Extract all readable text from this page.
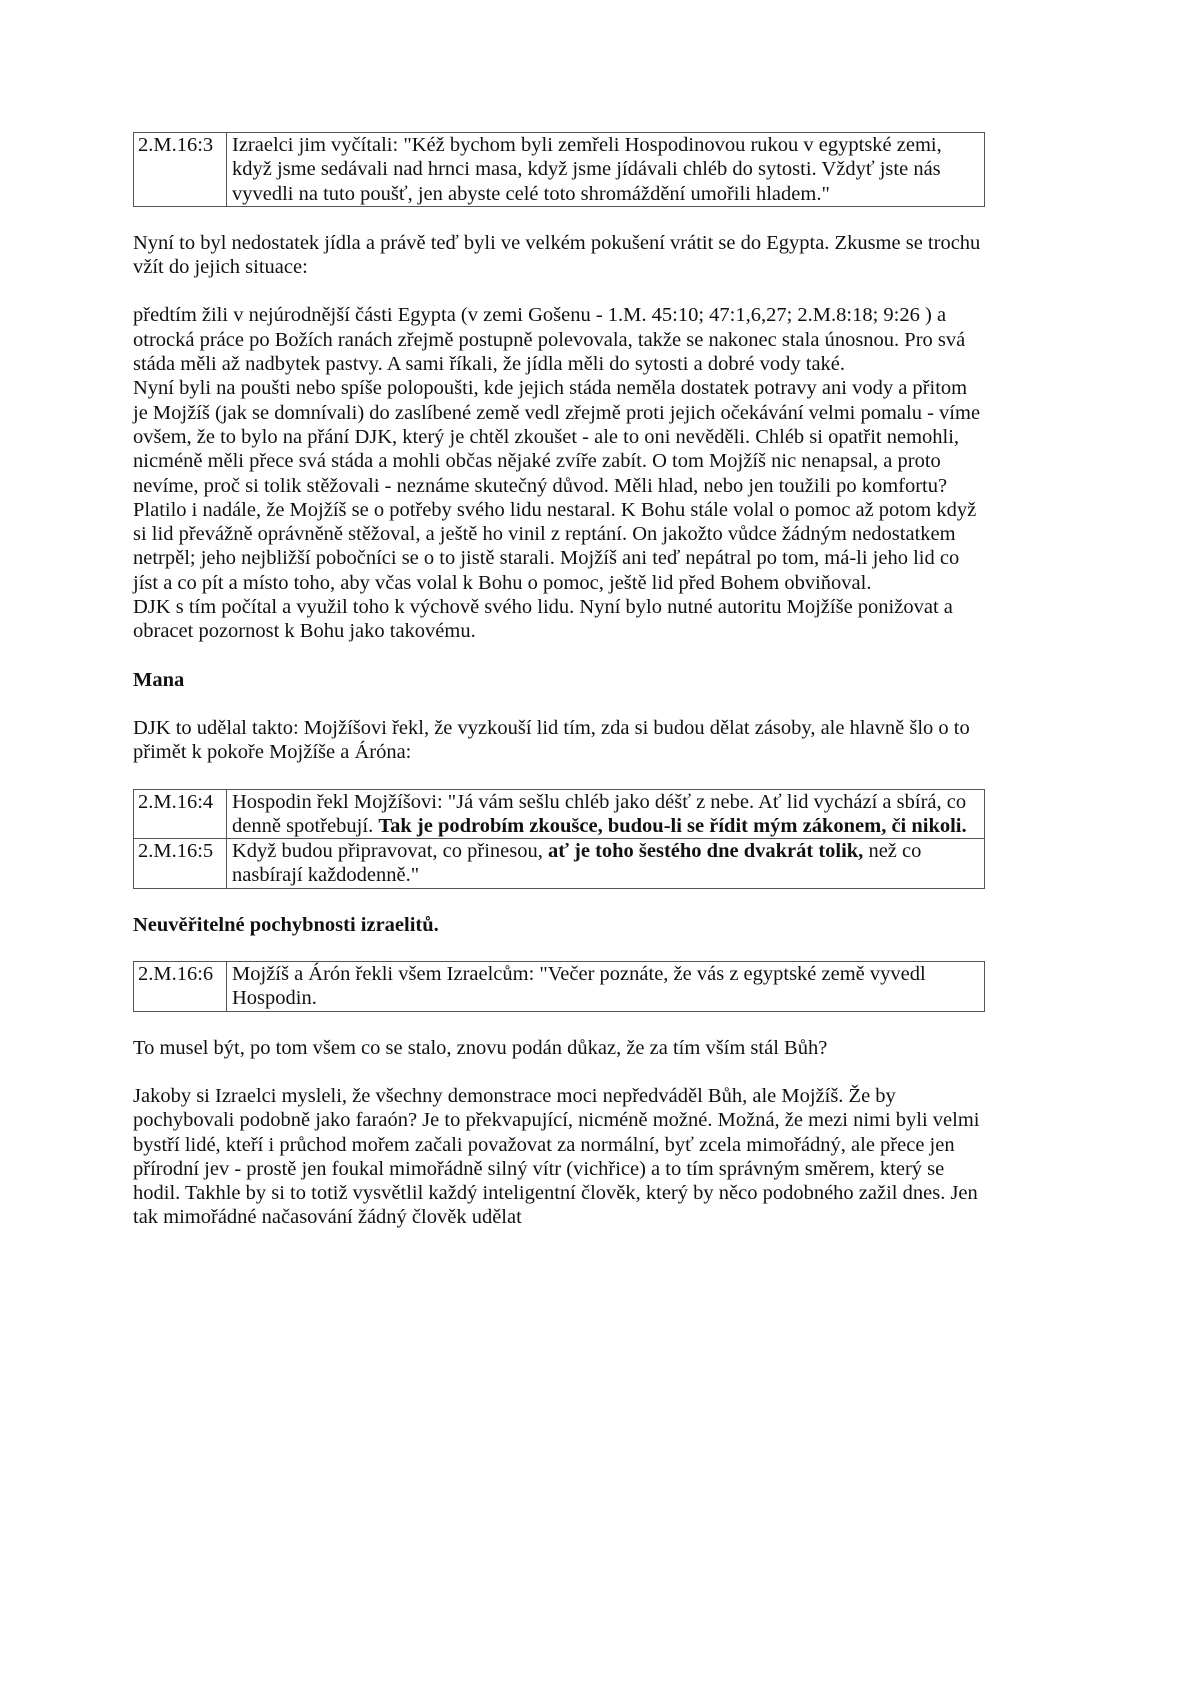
2.M.16:3	Izraelci jim vyčítali: "Kéž bychom byli zemřeli Hospodinovou rukou v egyptské zemi, když jsme sedávali nad hrnci masa, když jsme jídávali chléb do sytosti. Vždyť jste nás vyvedli na tuto poušť, jen abyste celé toto shromáždění umořili hladem."

Nyní to byl nedostatek jídla a právě teď byli ve velkém pokušení vrátit se do Egypta. Zkusme se trochu vžít do jejich situace:

předtím žili v nejúrodnější části Egypta (v zemi Gošenu - 1.M. 45:10; 47:1,6,27; 2.M.8:18; 9:26 ) a otrocká práce po Božích ranách zřejmě postupně polevovala, takže se nakonec stala únosnou. Pro svá stáda měli až nadbytek pastvy. A sami říkali, že jídla měli do sytosti a dobré vody také.

Nyní byli na poušti nebo spíše polopoušti, kde jejich stáda neměla dostatek potravy ani vody a přitom je Mojžíš (jak se domnívali) do zaslíbené země vedl zřejmě proti jejich očekávání velmi pomalu - víme ovšem, že to bylo na přání DJK, který je chtěl zkoušet - ale to oni nevěděli. Chléb si opatřit nemohli, nicméně měli přece svá stáda a mohli občas nějaké zvíře zabít. O tom Mojžíš nic nenapsal, a proto nevíme, proč si tolik stěžovali - neznáme skutečný důvod. Měli hlad, nebo jen toužili po komfortu?

Platilo i nadále, že Mojžíš se o potřeby svého lidu nestaral. K Bohu stále volal o pomoc až potom když si lid převážně oprávněně stěžoval, a ještě ho vinil z reptání. On jakožto vůdce žádným nedostatkem netrpěl; jeho nejbližší pobočníci se o to jistě starali. Mojžíš ani teď nepátral po tom, má-li jeho lid co jíst a co pít a místo toho, aby včas volal k Bohu o pomoc, ještě lid před Bohem obviňoval.

DJK s tím počítal a využil toho k výchově svého lidu. Nyní bylo nutné autoritu Mojžíše ponižovat a obracet pozornost k Bohu jako takovému.

Mana

DJK to udělal takto: Mojžíšovi řekl, že vyzkouší lid tím, zda si budou dělat zásoby, ale hlavně šlo o to přimět k pokoře Mojžíše a Áróna:

2.M.16:4	Hospodin řekl Mojžíšovi: "Já vám sešlu chléb jako déšť z nebe. Ať lid vychází a sbírá, co denně spotřebují. Tak je podrobím zkoušce, budou-li se řídit mým zákonem, či nikoli.
2.M.16:5	Když budou připravovat, co přinesou, ať je toho šestého dne dvakrát tolik, než co nasbírají každodenně."
Neuvěřitelné pochybnosti izraelitů.
2.M.16:6	Mojžíš a Árón řekli všem Izraelcům: "Večer poznáte, že vás z egyptské země vyvedl Hospodin.

To musel být, po tom všem co se stalo, znovu podán důkaz, že za tím vším stál Bůh?

Jakoby si Izraelci mysleli, že všechny demonstrace moci nepředváděl Bůh, ale Mojžíš. Že by pochybovali podobně jako faraón? Je to překvapující, nicméně možné. Možná, že mezi nimi byli velmi bystří lidé, kteří i průchod mořem začali považovat za normální, byť zcela mimořádný, ale přece jen přírodní jev - prostě jen foukal mimořádně silný vítr (vichřice) a to tím správným směrem, který se hodil. Takhle by si to totiž vysvětlil každý inteligentní člověk, který by něco podobného zažil dnes. Jen tak mimořádné načasování žádný člověk udělat
